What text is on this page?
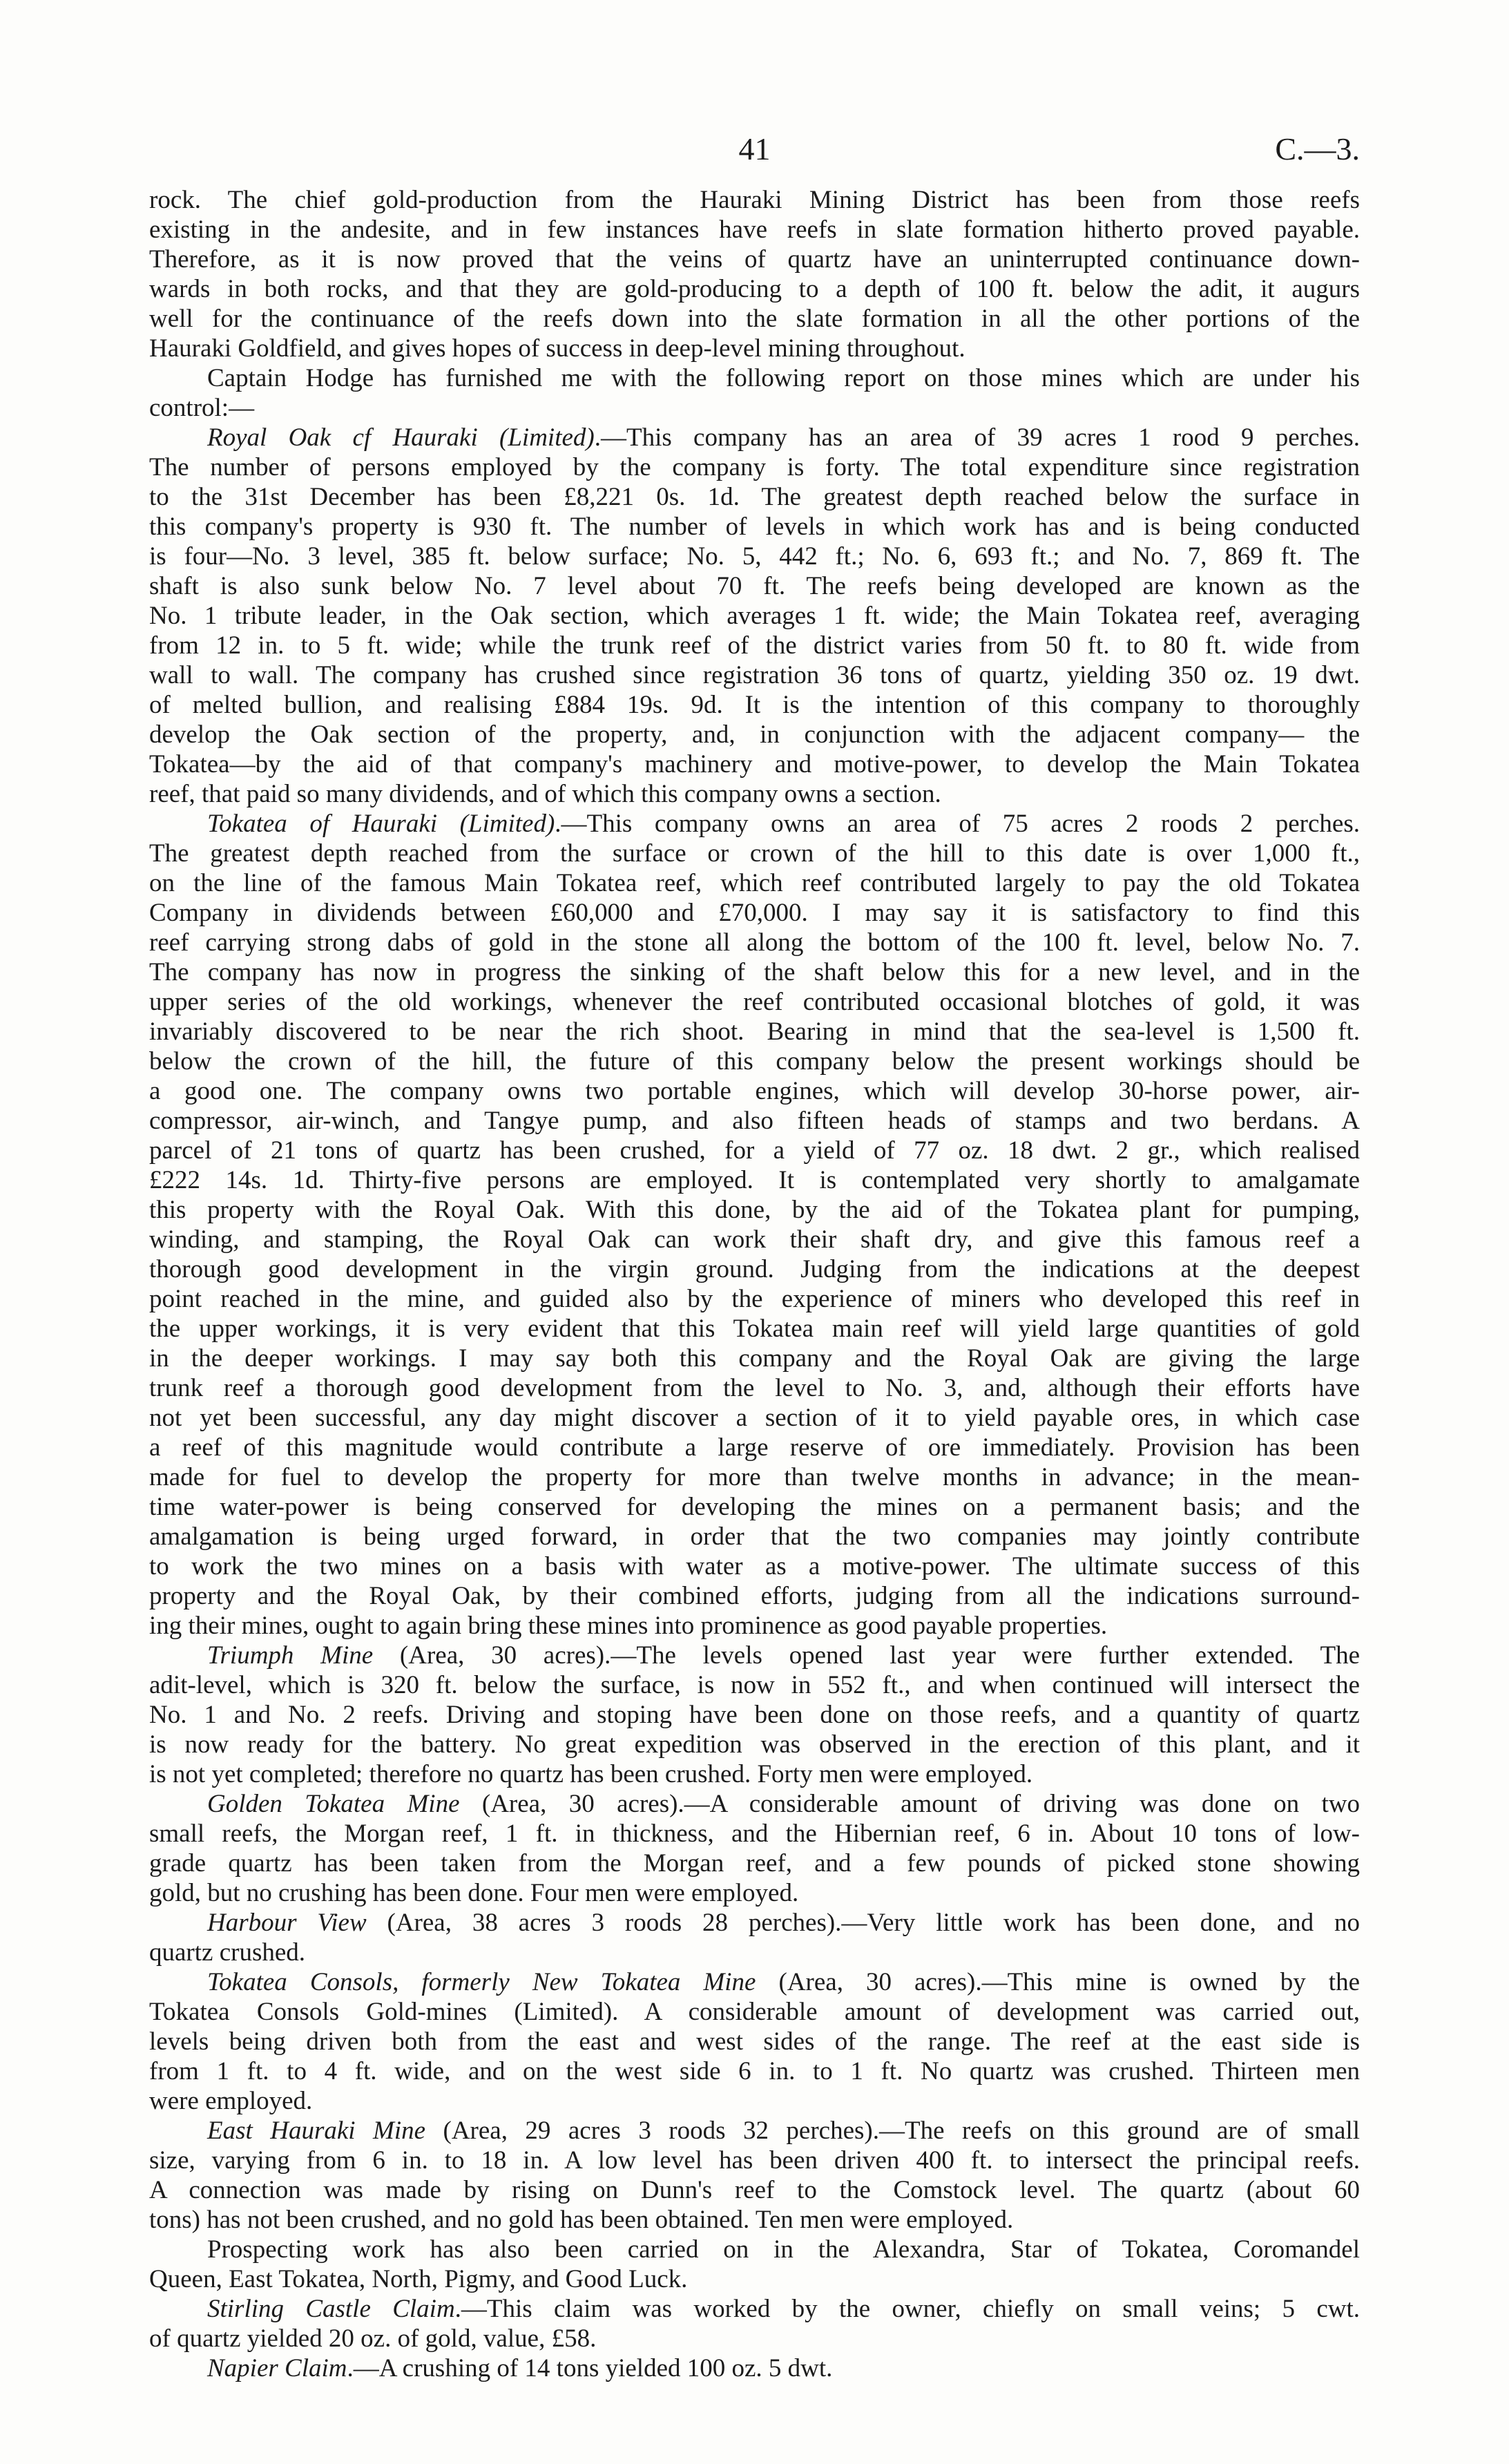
41	C.—3.
rock. The chief gold-production from the Hauraki Mining District has been from those reefs
existing in the andesite, and in few instances have reefs in slate formation hitherto proved payable.
Therefore, as it is now proved that the veins of quartz have an uninterrupted continuance down-
wards in both rocks, and that they are gold-producing to a depth of 100 ft. below the adit, it augurs
well for the continuance of the reefs down into the slate formation in all the other portions of the
Hauraki Goldfield, and gives hopes of success in deep-level mining throughout.
Captain Hodge has furnished me with the following report on those mines which are under his
control:—
Royal Oak cf Hauraki (Limited).—This company has an area of 39 acres 1 rood 9 perches.
The number of persons employed by the company is forty. The total expenditure since registration
to the 31st December has been £8,221 0s. 1d. The greatest depth reached below the surface in
this company's property is 930 ft. The number of levels in which work has and is being conducted
is four—No. 3 level, 385 ft. below surface; No. 5, 442 ft.; No. 6, 693 ft.; and No. 7, 869 ft. The
shaft is also sunk below No. 7 level about 70 ft. The reefs being developed are known as the
No. 1 tribute leader, in the Oak section, which averages 1 ft. wide; the Main Tokatea reef, averaging
from 12 in. to 5 ft. wide; while the trunk reef of the district varies from 50 ft. to 80 ft. wide from
wall to wall. The company has crushed since registration 36 tons of quartz, yielding 350 oz. 19 dwt.
of melted bullion, and realising £884 19s. 9d. It is the intention of this company to thoroughly
develop the Oak section of the property, and, in conjunction with the adjacent company— the
Tokatea—by the aid of that company's machinery and motive-power, to develop the Main Tokatea
reef, that paid so many dividends, and of which this company owns a section.
Tokatea of Hauraki (Limited).—This company owns an area of 75 acres 2 roods 2 perches.
The greatest depth reached from the surface or crown of the hill to this date is over 1,000 ft.,
on the line of the famous Main Tokatea reef, which reef contributed largely to pay the old Tokatea
Company in dividends between £60,000 and £70,000. I may say it is satisfactory to find this
reef carrying strong dabs of gold in the stone all along the bottom of the 100 ft. level, below No. 7.
The company has now in progress the sinking of the shaft below this for a new level, and in the
upper series of the old workings, whenever the reef contributed occasional blotches of gold, it was
invariably discovered to be near the rich shoot. Bearing in mind that the sea-level is 1,500 ft.
below the crown of the hill, the future of this company below the present workings should be
a good one. The company owns two portable engines, which will develop 30-horse power, air-
compressor, air-winch, and Tangye pump, and also fifteen heads of stamps and two berdans. A
parcel of 21 tons of quartz has been crushed, for a yield of 77 oz. 18 dwt. 2 gr., which realised
£222 14s. 1d. Thirty-five persons are employed. It is contemplated very shortly to amalgamate
this property with the Royal Oak. With this done, by the aid of the Tokatea plant for pumping,
winding, and stamping, the Royal Oak can work their shaft dry, and give this famous reef a
thorough good development in the virgin ground. Judging from the indications at the deepest
point reached in the mine, and guided also by the experience of miners who developed this reef in
the upper workings, it is very evident that this Tokatea main reef will yield large quantities of gold
in the deeper workings. I may say both this company and the Royal Oak are giving the large
trunk reef a thorough good development from the level to No. 3, and, although their efforts have
not yet been successful, any day might discover a section of it to yield payable ores, in which case
a reef of this magnitude would contribute a large reserve of ore immediately. Provision has been
made for fuel to develop the property for more than twelve months in advance; in the mean-
time water-power is being conserved for developing the mines on a permanent basis; and the
amalgamation is being urged forward, in order that the two companies may jointly contribute
to work the two mines on a basis with water as a motive-power. The ultimate success of this
property and the Royal Oak, by their combined efforts, judging from all the indications surround-
ing their mines, ought to again bring these mines into prominence as good payable properties.
Triumph Mine (Area, 30 acres).—The levels opened last year were further extended. The
adit-level, which is 320 ft. below the surface, is now in 552 ft., and when continued will intersect the
No. 1 and No. 2 reefs. Driving and stoping have been done on those reefs, and a quantity of quartz
is now ready for the battery. No great expedition was observed in the erection of this plant, and it
is not yet completed; therefore no quartz has been crushed. Forty men were employed.
Golden Tokatea Mine (Area, 30 acres).—A considerable amount of driving was done on two
small reefs, the Morgan reef, 1 ft. in thickness, and the Hibernian reef, 6 in. About 10 tons of low-
grade quartz has been taken from the Morgan reef, and a few pounds of picked stone showing
gold, but no crushing has been done. Four men were employed.
Harbour View (Area, 38 acres 3 roods 28 perches).—Very little work has been done, and no
quartz crushed.
Tokatea Consols, formerly New Tokatea Mine (Area, 30 acres).—This mine is owned by the
Tokatea Consols Gold-mines (Limited). A considerable amount of development was carried out,
levels being driven both from the east and west sides of the range. The reef at the east side is
from 1 ft. to 4 ft. wide, and on the west side 6 in. to 1 ft. No quartz was crushed. Thirteen men
were employed.
East Hauraki Mine (Area, 29 acres 3 roods 32 perches).—The reefs on this ground are of small
size, varying from 6 in. to 18 in. A low level has been driven 400 ft. to intersect the principal reefs.
A connection was made by rising on Dunn's reef to the Comstock level. The quartz (about 60
tons) has not been crushed, and no gold has been obtained. Ten men were employed.
Prospecting work has also been carried on in the Alexandra, Star of Tokatea, Coromandel
Queen, East Tokatea, North, Pigmy, and Good Luck.
Stirling Castle Claim.—This claim was worked by the owner, chiefly on small veins; 5 cwt.
of quartz yielded 20 oz. of gold, value, £58.
Napier Claim.—A crushing of 14 tons yielded 100 oz. 5 dwt.
